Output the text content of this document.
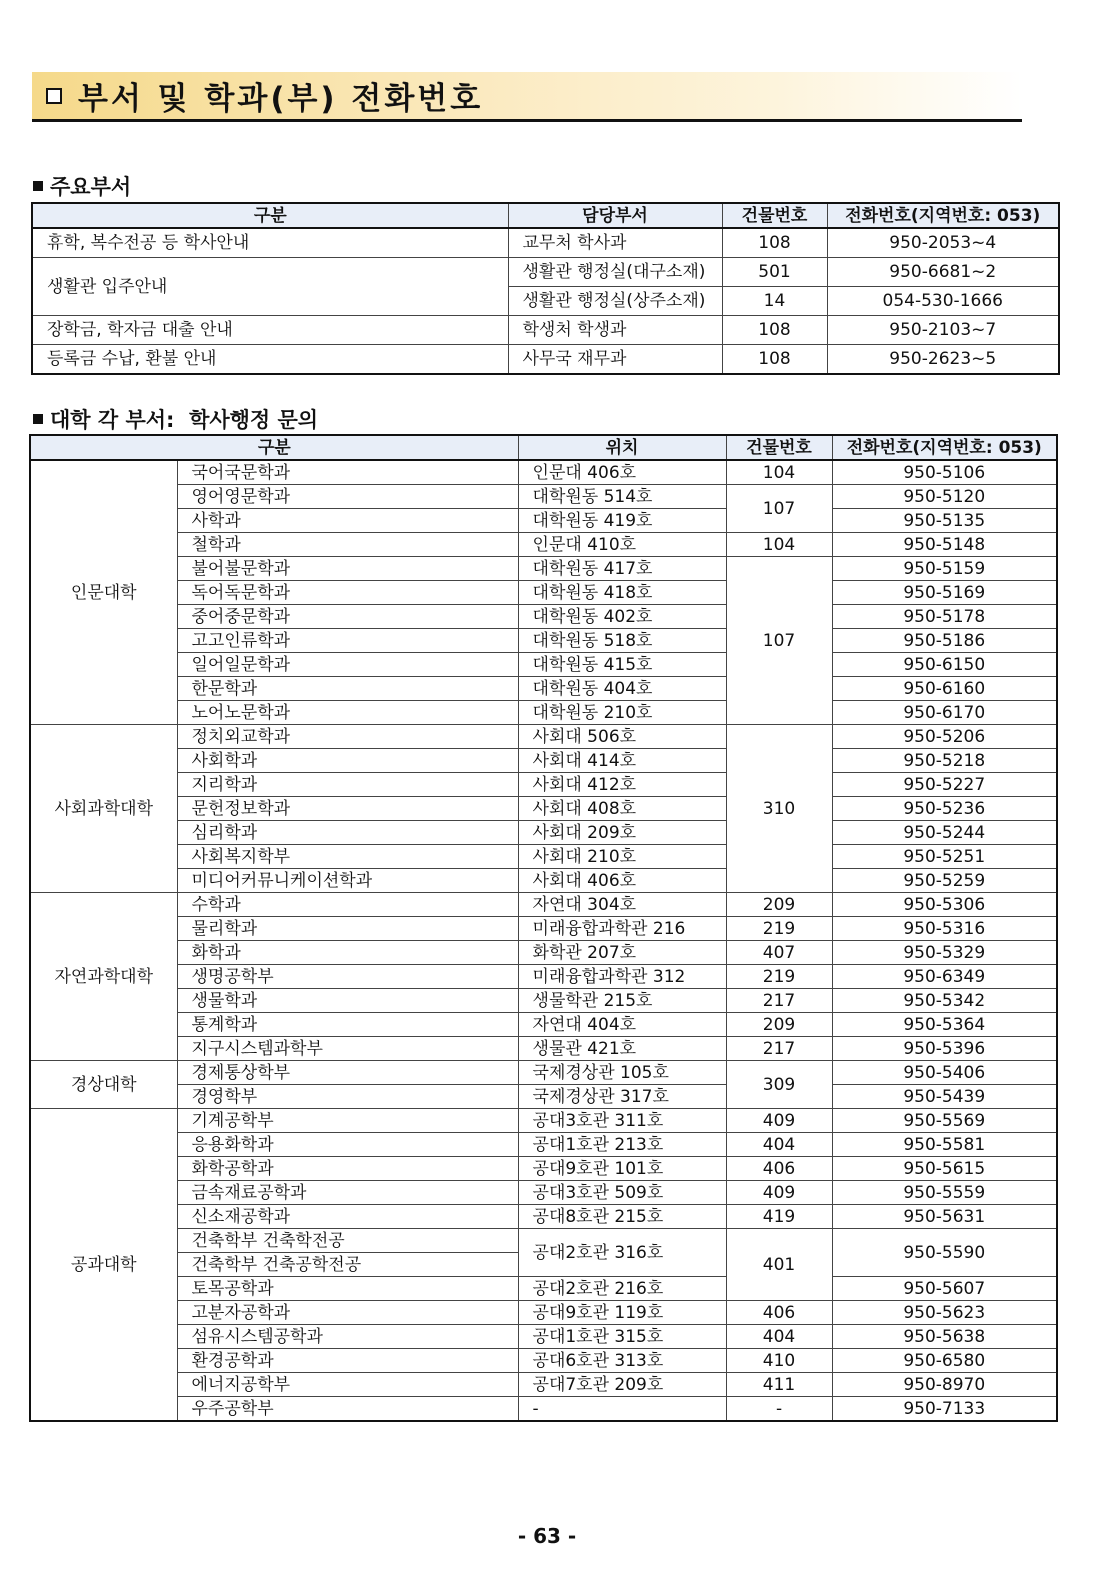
부서 및 학과(부) 전화번호
주요부서
구분	담당부서	건물번호	전화번호(지역번호: 053)
휴학, 복수전공 등 학사안내	교무처 학사과	108	950-2053~4
생활관 입주안내	생활관 행정실(대구소재)	501	950-6681~2
	생활관 행정실(상주소재)	14	054-530-1666
장학금, 학자금 대출 안내	학생처 학생과	108	950-2103~7
등록금 수납, 환불 안내	사무국 재무과	108	950-2623~5
대학 각 부서:  학사행정 문의
구분		위치	건물번호	전화번호(지역번호: 053)
인문대학	국어국문학과	인문대 406호	104	950-5106
	영어영문학과	대학원동 514호	107	950-5120
	사학과	대학원동 419호		950-5135
	철학과	인문대 410호	104	950-5148
	불어불문학과	대학원동 417호	107	950-5159
	독어독문학과	대학원동 418호		950-5169
	중어중문학과	대학원동 402호		950-5178
	고고인류학과	대학원동 518호		950-5186
	일어일문학과	대학원동 415호		950-6150
	한문학과	대학원동 404호		950-6160
	노어노문학과	대학원동 210호		950-6170
사회과학대학	정치외교학과	사회대 506호	310	950-5206
	사회학과	사회대 414호		950-5218
	지리학과	사회대 412호		950-5227
	문헌정보학과	사회대 408호		950-5236
	심리학과	사회대 209호		950-5244
	사회복지학부	사회대 210호		950-5251
	미디어커뮤니케이션학과	사회대 406호		950-5259
자연과학대학	수학과	자연대 304호	209	950-5306
	물리학과	미래융합과학관 216	219	950-5316
	화학과	화학관 207호	407	950-5329
	생명공학부	미래융합과학관 312	219	950-6349
	생물학과	생물학관 215호	217	950-5342
	통계학과	자연대 404호	209	950-5364
	지구시스템과학부	생물관 421호	217	950-5396
경상대학	경제통상학부	국제경상관 105호	309	950-5406
	경영학부	국제경상관 317호		950-5439
공과대학	기계공학부	공대3호관 311호	409	950-5569
	응용화학과	공대1호관 213호	404	950-5581
	화학공학과	공대9호관 101호	406	950-5615
	금속재료공학과	공대3호관 509호	409	950-5559
	신소재공학과	공대8호관 215호	419	950-5631
	건축학부 건축학전공	공대2호관 316호	401	950-5590
	건축학부 건축공학전공			
	토목공학과	공대2호관 216호		950-5607
	고분자공학과	공대9호관 119호	406	950-5623
	섬유시스템공학과	공대1호관 315호	404	950-5638
	환경공학과	공대6호관 313호	410	950-6580
	에너지공학부	공대7호관 209호	411	950-8970
	우주공학부	-	-	950-7133
- 63 -
